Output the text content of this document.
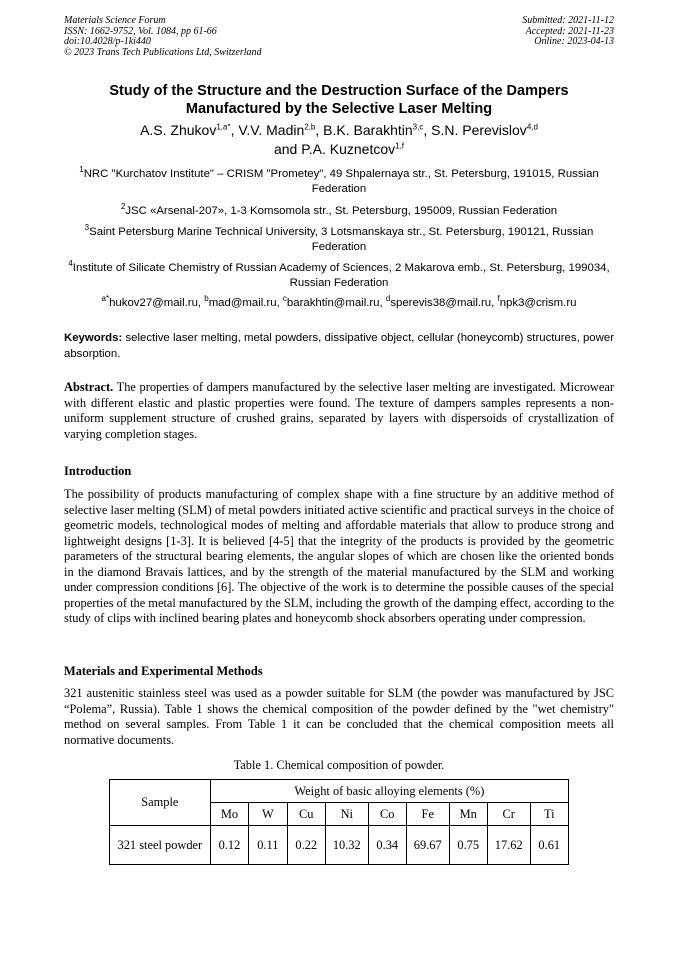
Materials Science Forum
ISSN: 1662-9752, Vol. 1084, pp 61-66
doi:10.4028/p-1ki440
© 2023 Trans Tech Publications Ltd, Switzerland
Submitted: 2021-11-12
Accepted: 2021-11-23
Online: 2023-04-13
Study of the Structure and the Destruction Surface of the Dampers
Manufactured by the Selective Laser Melting
A.S. Zhukov$^{1,a*}$, V.V. Madin$^{2,b}$, B.K. Barakhtin$^{3,c}$, S.N. Perevislov$^{4,d}$
and P.A. Kuznetcov$^{1,f}$
$^1$NRC "Kurchatov Institute" – CRISM "Prometey", 49 Shpalernaya str., St. Petersburg, 191015, Russian Federation
$^2$JSC «Arsenal-207», 1-3 Komsomola str., St. Petersburg, 195009, Russian Federation
$^3$Saint Petersburg Marine Technical University, 3 Lotsmanskaya str., St. Petersburg, 190121, Russian Federation
$^4$Institute of Silicate Chemistry of Russian Academy of Sciences, 2 Makarova emb., St. Petersburg, 199034, Russian Federation
$^{a*}$hukov27@mail.ru, $^b$mad@mail.ru, $^c$barakhtin@mail.ru, $^d$sperevis38@mail.ru, $^f$npk3@crism.ru
Keywords: selective laser melting, metal powders, dissipative object, cellular (honeycomb) structures, power absorption.
Abstract. The properties of dampers manufactured by the selective laser melting are investigated. Microwear with different elastic and plastic properties were found. The texture of dampers samples represents a non-uniform supplement structure of crushed grains, separated by layers with dispersoids of crystallization of varying completion stages.
Introduction
The possibility of products manufacturing of complex shape with a fine structure by an additive method of selective laser melting (SLM) of metal powders initiated active scientific and practical surveys in the choice of geometric models, technological modes of melting and affordable materials that allow to produce strong and lightweight designs [1-3]. It is believed [4-5] that the integrity of the products is provided by the geometric parameters of the structural bearing elements, the angular slopes of which are chosen like the oriented bonds in the diamond Bravais lattices, and by the strength of the material manufactured by the SLM and working under compression conditions [6]. The objective of the work is to determine the possible causes of the special properties of the metal manufactured by the SLM, including the growth of the damping effect, according to the study of clips with inclined bearing plates and honeycomb shock absorbers operating under compression.
Materials and Experimental Methods
321 austenitic stainless steel was used as a powder suitable for SLM (the powder was manufactured by JSC “Polema”, Russia). Table 1 shows the chemical composition of the powder defined by the "wet chemistry" method on several samples. From Table 1 it can be concluded that the chemical composition meets all normative documents.
Table 1. Chemical composition of powder.
Sample	Weight of basic alloying elements (%)								
	Mo	W	Cu	Ni	Co	Fe	Mn	Cr	Ti
321 steel powder	0.12	0.11	0.22	10.32	0.34	69.67	0.75	17.62	0.61
